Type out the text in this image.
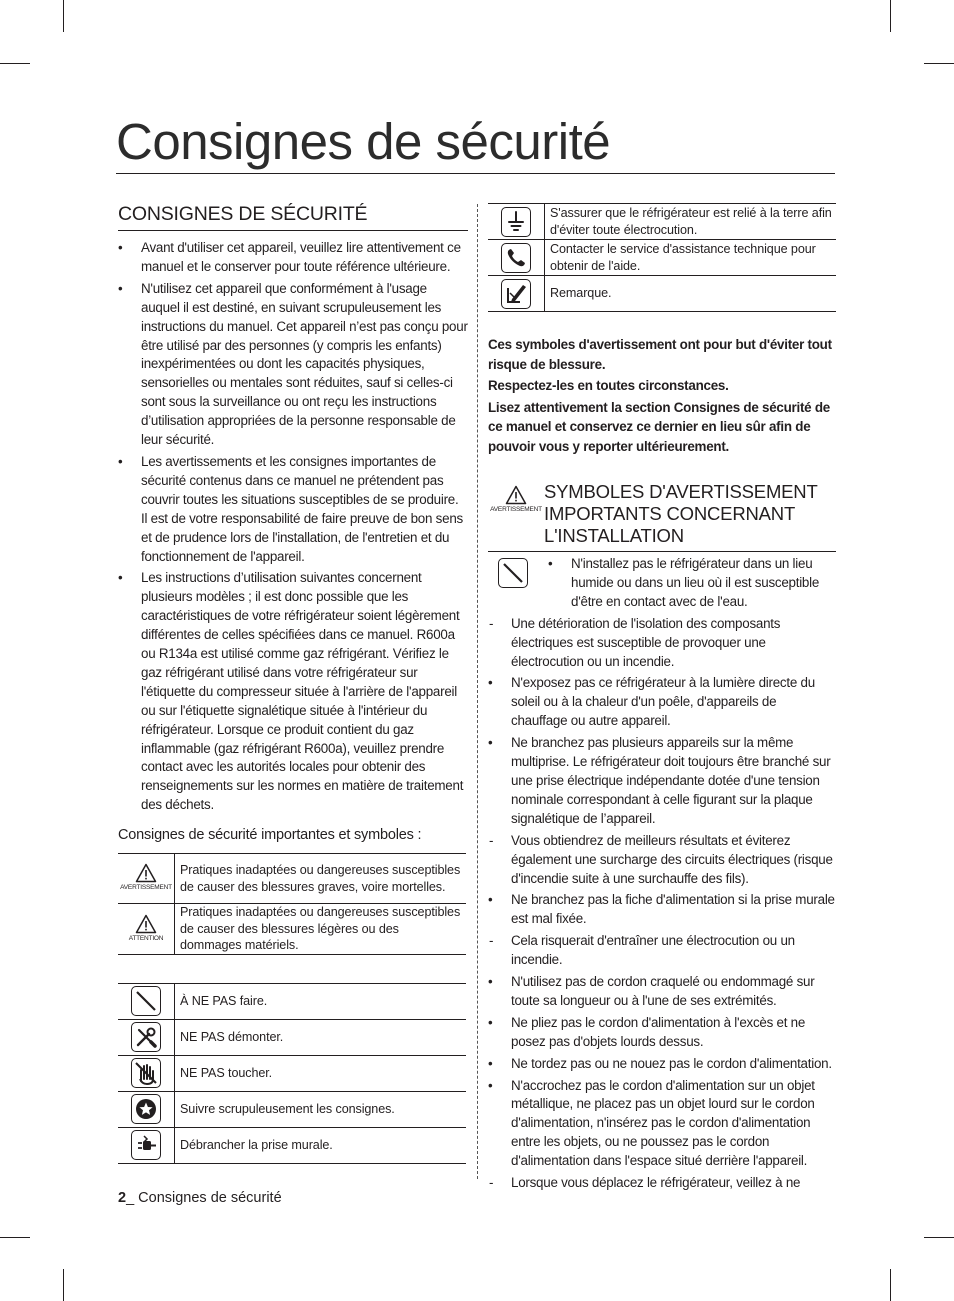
Consignes de sécurité
CONSIGNES DE SÉCURITÉ
• Avant d'utiliser cet appareil, veuillez lire attentivement ce manuel et le conserver pour toute référence ultérieure.
• N'utilisez cet appareil que conformément à l'usage auquel il est destiné, en suivant scrupuleusement les instructions du manuel. Cet appareil n’est pas conçu pour être utilisé par des personnes (y compris les enfants) inexpérimentées ou dont les capacités physiques, sensorielles ou mentales sont réduites, sauf si celles-ci sont sous la surveillance ou ont reçu les instructions d’utilisation appropriées de la personne responsable de leur sécurité.
• Les avertissements et les consignes importantes de sécurité contenus dans ce manuel ne prétendent pas couvrir toutes les situations susceptibles de se produire. Il est de votre responsabilité de faire preuve de bon sens et de prudence lors de l'installation, de l'entretien et du fonctionnement de l'appareil.
• Les instructions d’utilisation suivantes concernent plusieurs modèles ; il est donc possible que les caractéristiques de votre réfrigérateur soient légèrement différentes de celles spécifiées dans ce manuel. R600a ou R134a est utilisé comme gaz réfrigérant. Vérifiez le gaz réfrigérant utilisé dans votre réfrigérateur sur l'étiquette du compresseur située à l'arrière de l'appareil ou sur l'étiquette signalétique située à l'intérieur du réfrigérateur. Lorsque ce produit contient du gaz inflammable (gaz réfrigérant R600a), veuillez prendre contact avec les autorités locales pour obtenir des renseignements sur les normes en matière de traitement des déchets.
Consignes de sécurité importantes et symboles :
AVERTISSEMENT	Pratiques inadaptées ou dangereuses susceptibles de causer des blessures graves, voire mortelles.

ATTENTION	Pratiques inadaptées ou dangereuses susceptibles de causer des blessures légères ou des dommages matériels.
	À NE PAS faire.
	NE PAS démonter.
	NE PAS toucher.
	Suivre scrupuleusement les consignes.
	Débrancher la prise murale.
	S'assurer que le réfrigérateur est relié à la terre afin d'éviter toute électrocution.
	Contacter le service d'assistance technique pour obtenir de l'aide.
	Remarque.

Ces symboles d'avertissement ont pour but d'éviter tout risque de blessure.

Respectez-les en toutes circonstances.

Lisez attentivement la section Consignes de sécurité de ce manuel et conservez ce dernier en lieu sûr afin de pouvoir vous y reporter ultérieurement.

AVERTISSEMENT
SYMBOLES D'AVERTISSEMENT IMPORTANTS CONCERNANT L'INSTALLATION
• N'installez pas le réfrigérateur dans un lieu humide ou dans un lieu où il est susceptible d'être en contact avec de l'eau.
- Une détérioration de l'isolation des composants électriques est susceptible de provoquer une électrocution ou un incendie.
• N'exposez pas ce réfrigérateur à la lumière directe du soleil ou à la chaleur d'un poêle, d'appareils de chauffage ou autre appareil.
• Ne branchez pas plusieurs appareils sur la même multiprise. Le réfrigérateur doit toujours être branché sur une prise électrique indépendante dotée d'une tension nominale correspondant à celle figurant sur la plaque signalétique de l’appareil.
- Vous obtiendrez de meilleurs résultats et éviterez également une surcharge des circuits électriques (risque d'incendie suite à une surchauffe des fils).
• Ne branchez pas la fiche d'alimentation si la prise murale est mal fixée.
- Cela risquerait d'entraîner une électrocution ou un incendie.
• N'utilisez pas de cordon craquelé ou endommagé sur toute sa longueur ou à l'une de ses extrémités.
• Ne pliez pas le cordon d'alimentation à l'excès et ne posez pas d'objets lourds dessus.
• Ne tordez pas ou ne nouez pas le cordon d'alimentation.
• N'accrochez pas le cordon d'alimentation sur un objet métallique, ne placez pas un objet lourd sur le cordon d'alimentation, n'insérez pas le cordon d'alimentation entre les objets, ou ne poussez pas le cordon d'alimentation dans l'espace situé derrière l'appareil.
- Lorsque vous déplacez le réfrigérateur, veillez à ne
2_ Consignes de sécurité
